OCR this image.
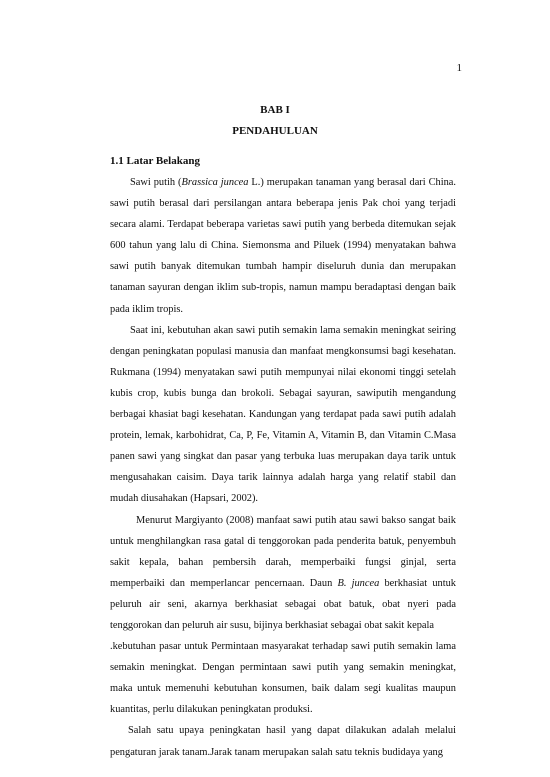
1
BAB I
PENDAHULUAN
1.1 Latar Belakang

Sawi putih (Brassica juncea L.) merupakan tanaman yang berasal dari China. sawi putih berasal dari persilangan antara beberapa jenis Pak choi yang terjadi secara alami. Terdapat beberapa varietas sawi putih yang berbeda ditemukan sejak 600 tahun yang lalu di China. Siemonsma and Piluek (1994) menyatakan bahwa sawi putih banyak ditemukan tumbah hampir diseluruh dunia dan merupakan tanaman sayuran dengan iklim sub-tropis, namun mampu beradaptasi dengan baik pada iklim tropis.

Saat ini, kebutuhan akan sawi putih semakin lama semakin meningkat seiring dengan peningkatan populasi manusia dan manfaat mengkonsumsi bagi kesehatan. Rukmana (1994) menyatakan sawi putih mempunyai nilai ekonomi tinggi setelah kubis crop, kubis bunga dan brokoli. Sebagai sayuran, sawiputih mengandung berbagai khasiat bagi kesehatan. Kandungan yang terdapat pada sawi putih adalah protein, lemak, karbohidrat, Ca, P, Fe, Vitamin A, Vitamin B, dan Vitamin C.Masa panen sawi yang singkat dan pasar yang terbuka luas merupakan daya tarik untuk mengusahakan caisim. Daya tarik lainnya adalah harga yang relatif stabil dan mudah diusahakan (Hapsari, 2002).

Menurut Margiyanto (2008) manfaat sawi putih atau sawi bakso sangat baik untuk menghilangkan rasa gatal di tenggorokan pada penderita batuk, penyembuh sakit kepala, bahan pembersih darah, memperbaiki fungsi ginjal, serta memperbaiki dan memperlancar pencernaan. Daun B. juncea berkhasiat untuk peluruh air seni, akarnya berkhasiat sebagai obat batuk, obat nyeri pada tenggorokan dan peluruh air susu, bijinya berkhasiat sebagai obat sakit kepala

.kebutuhan pasar untuk Permintaan masyarakat terhadap sawi putih semakin lama semakin meningkat. Dengan permintaan sawi putih yang semakin meningkat, maka untuk memenuhi kebutuhan konsumen, baik dalam segi kualitas maupun kuantitas, perlu dilakukan peningkatan produksi.

Salah satu upaya peningkatan hasil yang dapat dilakukan adalah melalui pengaturan jarak tanam.Jarak tanam merupakan salah satu teknis budidaya yang
